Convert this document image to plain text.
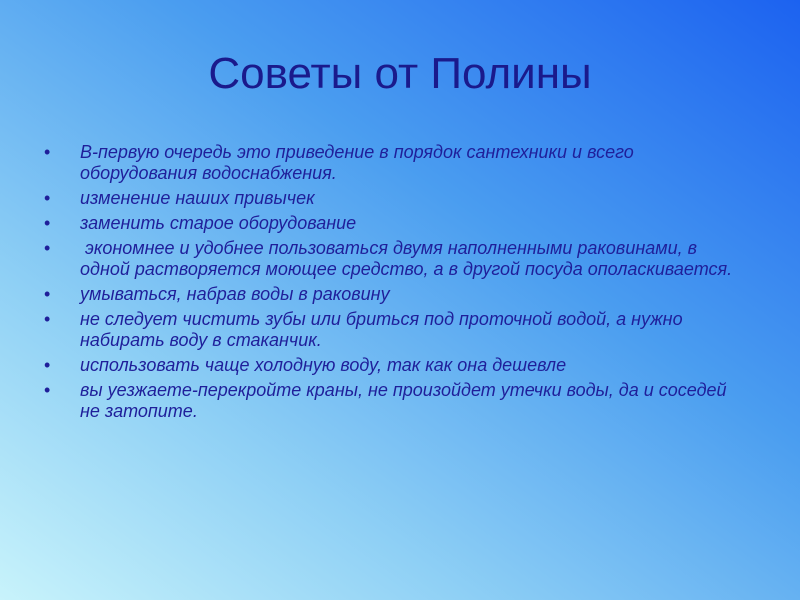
Советы от Полины
• В-первую очередь это приведение в порядок сантехники и всего оборудования водоснабжения.
• изменение наших привычек
• заменить старое оборудование
• экономнее и удобнее пользоваться двумя наполненными раковинами, в одной растворяется моющее средство, а в другой посуда ополаскивается.
• умываться, набрав воды в раковину
• не следует чистить зубы или бриться под проточной водой, а нужно набирать воду в стаканчик.
• использовать чаще холодную воду, так как она дешевле
• вы уезжаете-перекройте краны, не произойдет утечки воды, да и соседей не затопите.
